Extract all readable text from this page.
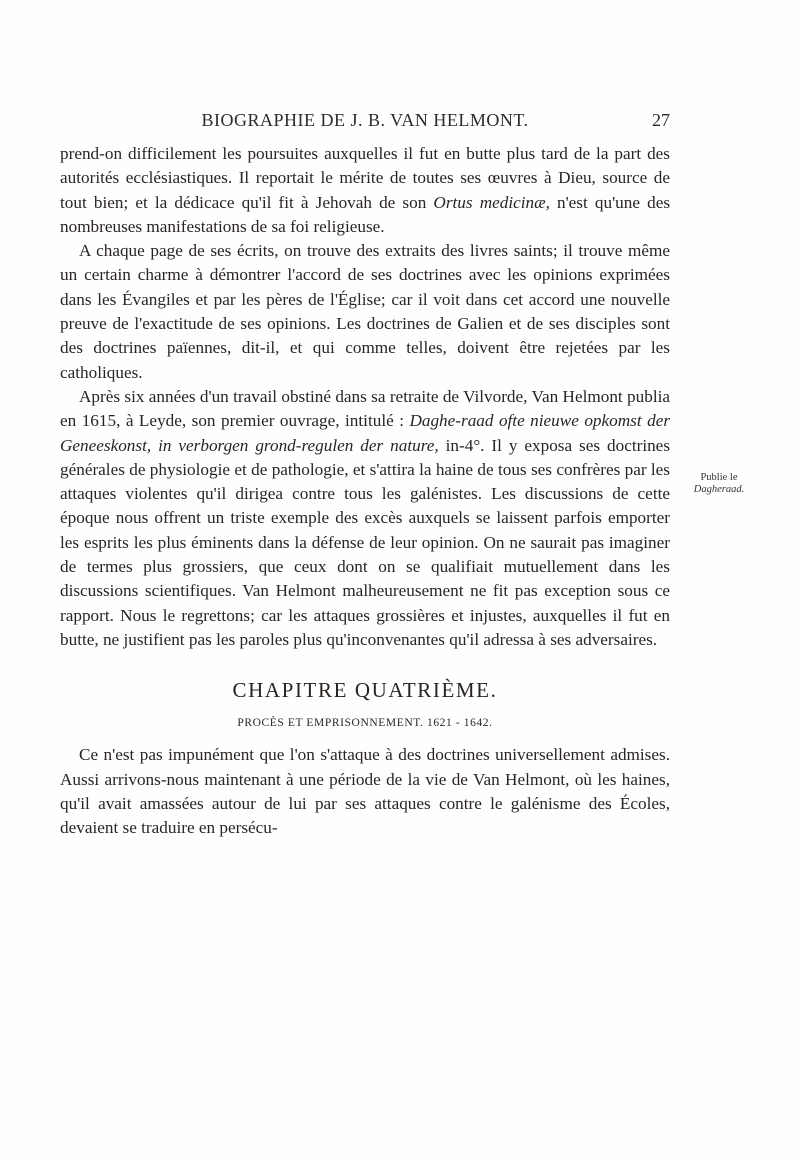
BIOGRAPHIE DE J. B. VAN HELMONT.	27
Publie le
Dagheraad.

prend-on difficilement les poursuites auxquelles il fut en butte plus tard de la part des autorités ecclésiastiques. Il reportait le mérite de toutes ses œuvres à Dieu, source de tout bien; et la dédicace qu'il fit à Jehovah de son Ortus medicinæ, n'est qu'une des nombreuses manifestations de sa foi religieuse.

A chaque page de ses écrits, on trouve des extraits des livres saints; il trouve même un certain charme à démontrer l'accord de ses doctrines avec les opinions exprimées dans les Évangiles et par les pères de l'Église; car il voit dans cet accord une nouvelle preuve de l'exactitude de ses opinions. Les doctrines de Galien et de ses disciples sont des doctrines païennes, dit-il, et qui comme telles, doivent être rejetées par les catholiques.

Après six années d'un travail obstiné dans sa retraite de Vilvorde, Van Helmont publia en 1615, à Leyde, son premier ouvrage, intitulé : Daghe-raad ofte nieuwe opkomst der Geneeskonst, in verborgen grond-regulen der nature, in-4°. Il y exposa ses doctrines générales de physiologie et de pathologie, et s'attira la haine de tous ses confrères par les attaques violentes qu'il dirigea contre tous les galénistes. Les discussions de cette époque nous offrent un triste exemple des excès auxquels se laissent parfois emporter les esprits les plus éminents dans la défense de leur opinion. On ne saurait pas imaginer de termes plus grossiers, que ceux dont on se qualifiait mutuellement dans les discussions scientifiques. Van Helmont malheureusement ne fit pas exception sous ce rapport. Nous le regrettons; car les attaques grossières et injustes, auxquelles il fut en butte, ne justifient pas les paroles plus qu'inconvenantes qu'il adressa à ses adversaires.

CHAPITRE QUATRIÈME.
PROCÈS ET EMPRISONNEMENT. 1621 - 1642.

Ce n'est pas impunément que l'on s'attaque à des doctrines universellement admises. Aussi arrivons-nous maintenant à une période de la vie de Van Helmont, où les haines, qu'il avait amassées autour de lui par ses attaques contre le galénisme des Écoles, devaient se traduire en persécu-
